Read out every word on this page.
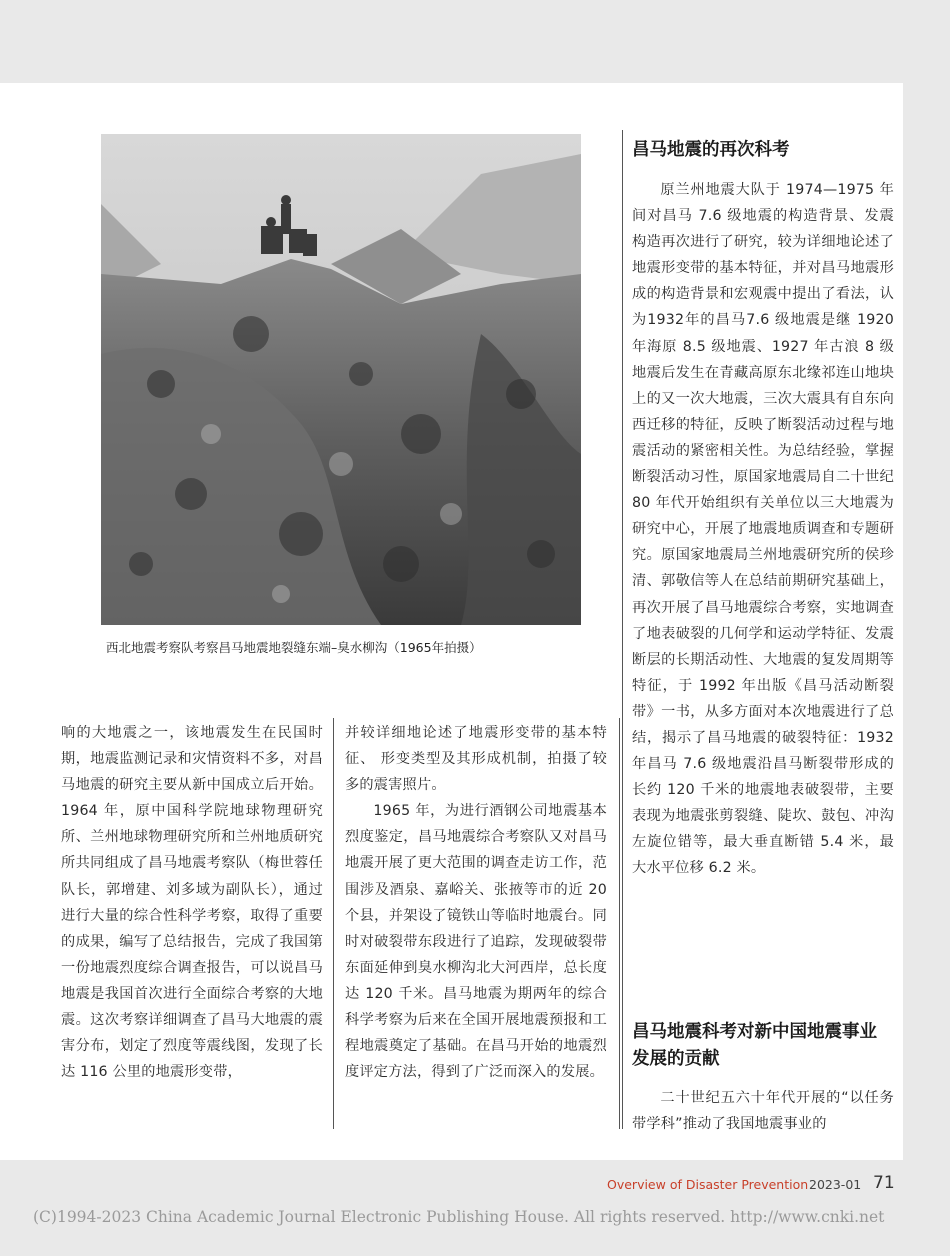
西北地震考察队考察昌马地震地裂缝东端–臭水柳沟（1965年拍摄）
昌马地震的再次科考

原兰州地震大队于 1974—1975 年间对昌马 7.6 级地震的构造背景、发震构造再次进行了研究，较为详细地论述了地震形变带的基本特征，并对昌马地震形成的构造背景和宏观震中提出了看法，认为1932年的昌马7.6 级地震是继 1920 年海原 8.5 级地震、1927 年古浪 8 级地震后发生在青藏高原东北缘祁连山地块上的又一次大地震，三次大震具有自东向西迁移的特征，反映了断裂活动过程与地震活动的紧密相关性。为总结经验，掌握断裂活动习性，原国家地震局自二十世纪 80 年代开始组织有关单位以三大地震为研究中心，开展了地震地质调查和专题研究。原国家地震局兰州地震研究所的侯珍清、郭敬信等人在总结前期研究基础上，再次开展了昌马地震综合考察，实地调查了地表破裂的几何学和运动学特征、发震断层的长期活动性、大地震的复发周期等特征，于 1992 年出版《昌马活动断裂带》一书，从多方面对本次地震进行了总结，揭示了昌马地震的破裂特征：1932 年昌马 7.6 级地震沿昌马断裂带形成的长约 120 千米的地震地表破裂带，主要表现为地震张剪裂缝、陡坎、鼓包、冲沟左旋位错等，最大垂直断错 5.4 米，最大水平位移 6.2 米。

昌马地震科考对新中国地震事业发展的贡献

二十世纪五六十年代开展的“以任务带学科”推动了我国地震事业的

响的大地震之一，该地震发生在民国时期，地震监测记录和灾情资料不多，对昌马地震的研究主要从新中国成立后开始。1964 年，原中国科学院地球物理研究所、兰州地球物理研究所和兰州地质研究所共同组成了昌马地震考察队（梅世蓉任队长，郭增建、刘多域为副队长），通过进行大量的综合性科学考察，取得了重要的成果，编写了总结报告，完成了我国第一份地震烈度综合调查报告，可以说昌马地震是我国首次进行全面综合考察的大地震。这次考察详细调查了昌马大地震的震害分布，划定了烈度等震线图，发现了长达 116 公里的地震形变带，

并较详细地论述了地震形变带的基本特征、 形变类型及其形成机制，拍摄了较多的震害照片。

1965 年，为进行酒钢公司地震基本烈度鉴定，昌马地震综合考察队又对昌马地震开展了更大范围的调查走访工作，范围涉及酒泉、嘉峪关、张掖等市的近 20 个县，并架设了镜铁山等临时地震台。同时对破裂带东段进行了追踪，发现破裂带东面延伸到臭水柳沟北大河西岸，总长度达 120 千米。昌马地震为期两年的综合科学考察为后来在全国开展地震预报和工程地震奠定了基础。在昌马开始的地震烈度评定方法，得到了广泛而深入的发展。

Overview of Disaster Prevention 2023-01 71
(C)1994-2023 China Academic Journal Electronic Publishing House. All rights reserved. http://www.cnki.net
